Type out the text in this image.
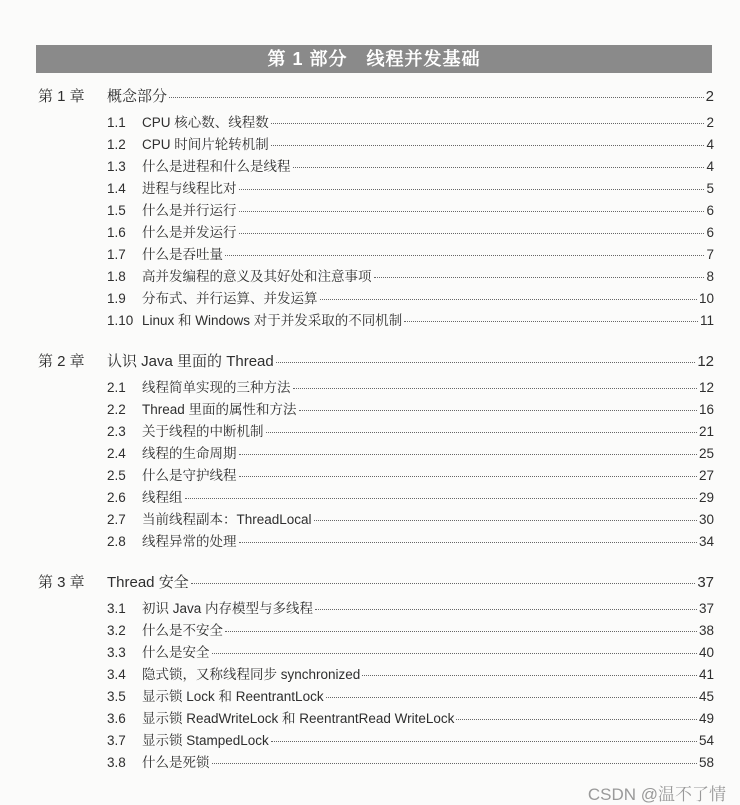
第 1 部分　线程并发基础
第 1 章	概念部分	2
1.1	CPU 核心数、线程数	2
1.2	CPU 时间片轮转机制	4
1.3	什么是进程和什么是线程	4
1.4	进程与线程比对	5
1.5	什么是并行运行	6
1.6	什么是并发运行	6
1.7	什么是吞吐量	7
1.8	高并发编程的意义及其好处和注意事项	8
1.9	分布式、并行运算、并发运算	10
1.10 Linux 和 Windows 对于并发采取的不同机制	11
第 2 章	认识 Java 里面的 Thread	12
2.1	线程简单实现的三种方法	12
2.2	Thread 里面的属性和方法	16
2.3	关于线程的中断机制	21
2.4	线程的生命周期	25
2.5	什么是守护线程	27
2.6	线程组	29
2.7	当前线程副本：ThreadLocal	30
2.8	线程异常的处理	34
第 3 章	Thread 安全	37
3.1	初识 Java 内存模型与多线程	37
3.2	什么是不安全	38
3.3	什么是安全	40
3.4	隐式锁，又称线程同步 synchronized	41
3.5	显示锁 Lock 和 ReentrantLock	45
3.6	显示锁 ReadWriteLock 和 ReentrantRead WriteLock	49
3.7	显示锁 StampedLock	54
3.8	什么是死锁	58
CSDN @温不了情
